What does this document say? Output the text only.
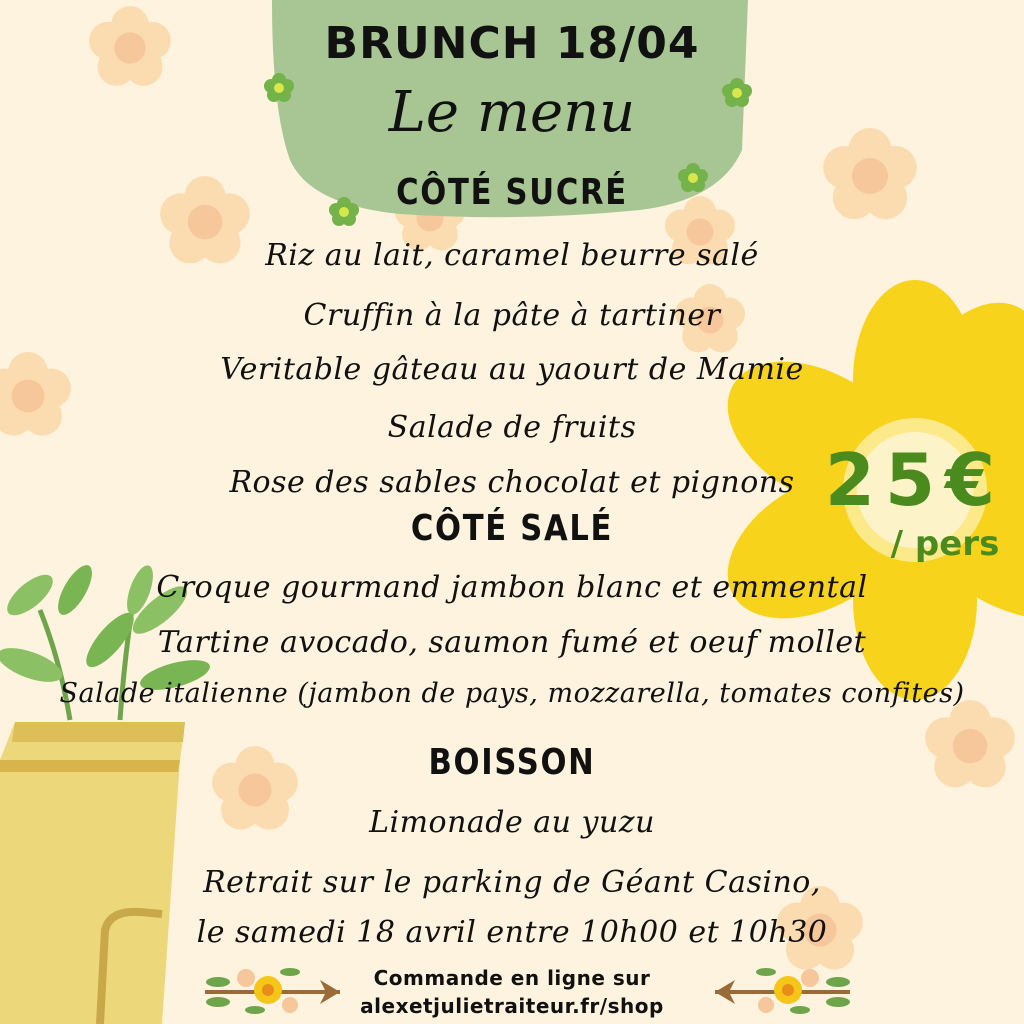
BRUNCH 18/04
Le menu
25€
/ pers
CÔTÉ SUCRÉ
Riz au lait, caramel beurre salé
Cruffin à la pâte à tartiner
Veritable gâteau au yaourt de Mamie
Salade de fruits
Rose des sables chocolat et pignons
CÔTÉ SALÉ
Croque gourmand jambon blanc et emmental
Tartine avocado, saumon fumé et oeuf mollet
Salade italienne (jambon de pays, mozzarella, tomates confites)
BOISSON
Limonade au yuzu
Retrait sur le parking de Géant Casino,
le samedi 18 avril entre 10h00 et 10h30
Commande en ligne sur
alexetjulietraiteur.fr/shop
